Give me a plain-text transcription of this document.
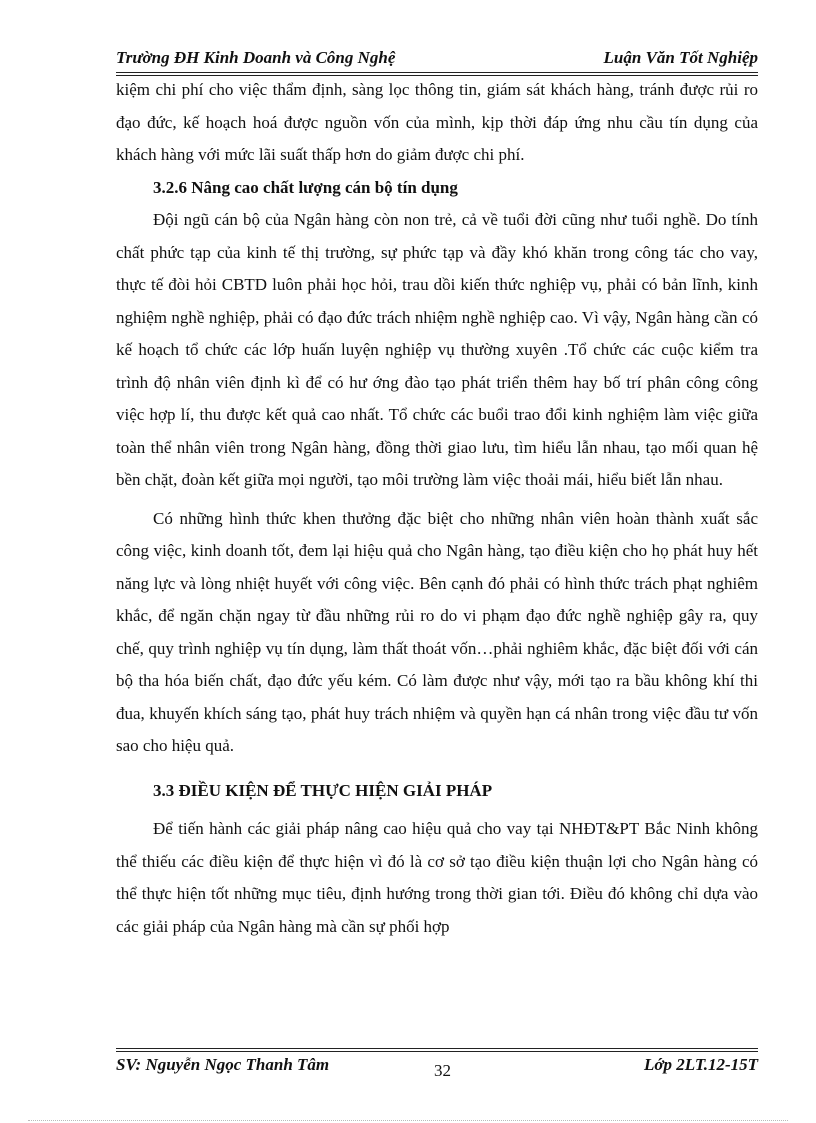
Trường ĐH Kinh Doanh và Công Nghệ	Luận Văn Tốt Nghiệp

kiệm chi phí cho việc thẩm định, sàng lọc thông tin, giám sát khách hàng, tránh được rủi ro đạo đức, kế hoạch hoá được nguồn vốn của mình, kịp thời đáp ứng nhu cầu tín dụng của khách hàng với mức lãi suất thấp hơn do giảm được chi phí.

3.2.6 Nâng cao chất lượng cán bộ tín dụng

Đội ngũ cán bộ của Ngân hàng còn non trẻ, cả về tuổi đời cũng như tuổi nghề. Do tính chất phức tạp của kinh tế thị trường, sự phức tạp và đầy khó khăn trong công tác cho vay, thực tế đòi hỏi CBTD luôn phải học hỏi, trau dồi kiến thức nghiệp vụ, phải có bản lĩnh, kinh nghiệm nghề nghiệp, phải có đạo đức trách nhiệm nghề nghiệp cao. Vì vậy, Ngân hàng cần có kế hoạch tổ chức các lớp huấn luyện nghiệp vụ thường xuyên .Tổ chức các cuộc kiểm tra trình độ nhân viên định kì để có hư ớng đào tạo phát triển thêm hay bố trí phân công công việc hợp lí, thu được kết quả cao nhất. Tổ chức các buổi trao đổi kinh nghiệm làm việc giữa toàn thể nhân viên trong Ngân hàng, đồng thời giao lưu, tìm hiểu lẫn nhau, tạo mối quan hệ bền chặt, đoàn kết giữa mọi người, tạo môi trường làm việc thoải mái, hiểu biết lẫn nhau.

Có những hình thức khen thưởng đặc biệt cho những nhân viên hoàn thành xuất sắc công việc, kinh doanh tốt, đem lại hiệu quả cho Ngân hàng, tạo điều kiện cho họ phát huy hết năng lực và lòng nhiệt huyết với công việc. Bên cạnh đó phải có hình thức trách phạt nghiêm khắc, để ngăn chặn ngay từ đầu những rủi ro do vi phạm đạo đức nghề nghiệp gây ra, quy chế, quy trình nghiệp vụ tín dụng, làm thất thoát vốn…phải nghiêm khắc, đặc biệt đối với cán bộ tha hóa biến chất, đạo đức yếu kém. Có làm được như vậy, mới tạo ra bầu không khí thi đua, khuyến khích sáng tạo, phát huy trách nhiệm và quyền hạn cá nhân trong việc đầu tư vốn sao cho hiệu quả.

3.3 ĐIỀU KIỆN ĐỂ THỰC HIỆN GIẢI PHÁP

Để tiến hành các giải pháp nâng cao hiệu quả cho vay tại NHĐT&PT Bắc Ninh không thể thiếu các điều kiện để thực hiện vì đó là cơ sở tạo điều kiện thuận lợi cho Ngân hàng có thể thực hiện tốt những mục tiêu, định hướng trong thời gian tới. Điều đó không chỉ dựa vào các giải pháp của Ngân hàng mà cần sự phối hợp

SV: Nguyễn Ngọc Thanh Tâm	32	Lớp 2LT.12-15T
